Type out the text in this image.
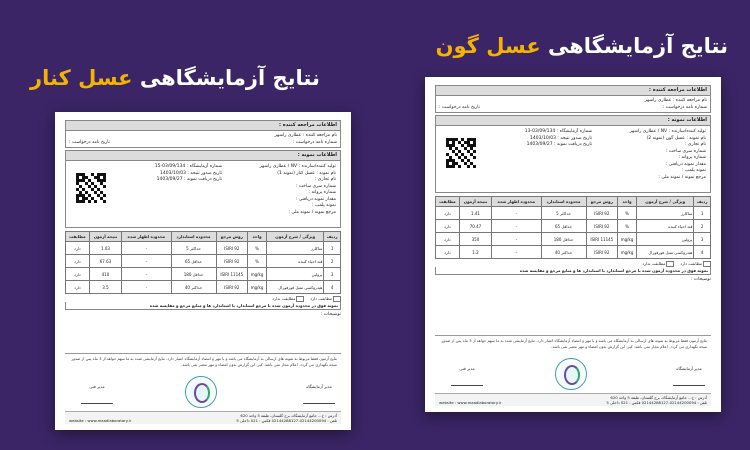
نتایج آزمایشگاهی عسل گون
نتایج آزمایشگاهی عسل کنار	اطلاعات مراجعه کننده :
نام مراجعه کننده : عطاری راشهر
شماره نامه درخواست :
تاریخ نامه درخواست :
اطلاعات نمونه :
تولید کننده/سازنده : NV / عطاری راشهر
نام نمونه : عسل گون (نمونه 2)
نام تجاری :
شماره سری ساخت :
شماره پروانه :
مقدار نمونه دریافتی :
نمونه پلمپ :
مرجع نمونه / نمونه ملی :
شماره آزمایشگاه : 03/09/134-13
تاریخ صدور نتیجه : 1403/10/03
تاریخ دریافت نمونه : 1403/09/27
ردیف	ویژگی / شرح آزمون	واحد	روش مرجع	محدوده استاندارد	محدوده اظهار شده	نتیجه آزمون	مطابقت
1	ساکارز	%	ISIRI 92	حداکثر 5	-	1.41	دارد
2	قند احیاء کننده	%	ISIRI 92	حداقل 65	-	70.47	دارد
3	پرولین	mg/kg	ISIRI 11145	حداقل 180	-	350	دارد
4	هیدروکسی متیل فورفورال	mg/kg	ISIRI 92	حداکثر 40	-	1.2	دارد
مطابقت دارد
مطابقت ندارد
نمونه فوق در محدوده آزمون شده با مرجع استاندارد با استاندارد ها و منابع مرجع و مقایسه شده
توضیحات :
نتایج آزمون فقط مربوط به نمونه های ارسالی به آزمایشگاه می باشد و با مهر و امضاء آزمایشگاه اعتبار دارد. نتایج آزمایشی شده به ما سهم خواهد از 3 ماه پس از صدور نتیجه نگهداری می گردد. اعلام مجاز نمی باشد. کپی این گزارش بدون امضاء و مهر معتبر نمی باشد.
مدیر آزمایشگاه
مدیر فنی
آدرس : خ... جامع آزمایشگاه، برج گلستان، طبقه 5 واحد 620
تلفن : 02144200094-02144288127 فکس : 021 داخلی 5
website : www.maadlaboratory.ir
اطلاعات مراجعه کننده :
نام مراجعه کننده : عطاری راشهر
شماره نامه درخواست :
تاریخ نامه درخواست :
اطلاعات نمونه :
تولید کننده/سازنده : NV / عطاری راشهر
نام نمونه : عسل کنار (نمونه 1)
نام تجاری :
شماره سری ساخت :
شماره پروانه :
مقدار نمونه دریافتی :
نمونه پلمپ :
مرجع نمونه / نمونه ملی :
شماره آزمایشگاه : 03/09/134-15
تاریخ صدور نتیجه : 1403/10/03
تاریخ دریافت نمونه : 1403/09/27
ردیف	ویژگی / شرح آزمون	واحد	روش مرجع	محدوده استاندارد	محدوده اظهار شده	نتیجه آزمون	مطابقت
1	ساکارز	%	ISIRI 92	حداکثر 5	-	1.03	دارد
2	قند احیاء کننده	%	ISIRI 92	حداقل 65	-	67.63	دارد
3	پرولین	mg/kg	ISIRI 11145	حداقل 180	-	410	دارد
4	هیدروکسی متیل فورفورال	mg/kg	ISIRI 92	حداکثر 40	-	3.5	دارد
مطابقت دارد
مطابقت ندارد
نمونه فوق در محدوده آزمون شده با مرجع استاندارد با استاندارد ها و منابع مرجع و مقایسه شده
توضیحات :
نتایج آزمون فقط مربوط به نمونه های ارسالی به آزمایشگاه می باشد و با مهر و امضاء آزمایشگاه اعتبار دارد. نتایج آزمایشی شده به ما سهم خواهد از 3 ماه پس از صدور نتیجه نگهداری می گردد. اعلام مجاز نمی باشد. کپی این گزارش بدون امضاء و مهر معتبر نمی باشد.
مدیر آزمایشگاه
مدیر فنی
آدرس : خ... جامع آزمایشگاه، برج گلستان، طبقه 5 واحد 620
تلفن : 02144200094-02144288127 فکس : 021 داخلی 5
website : www.maadlaboratory.ir
